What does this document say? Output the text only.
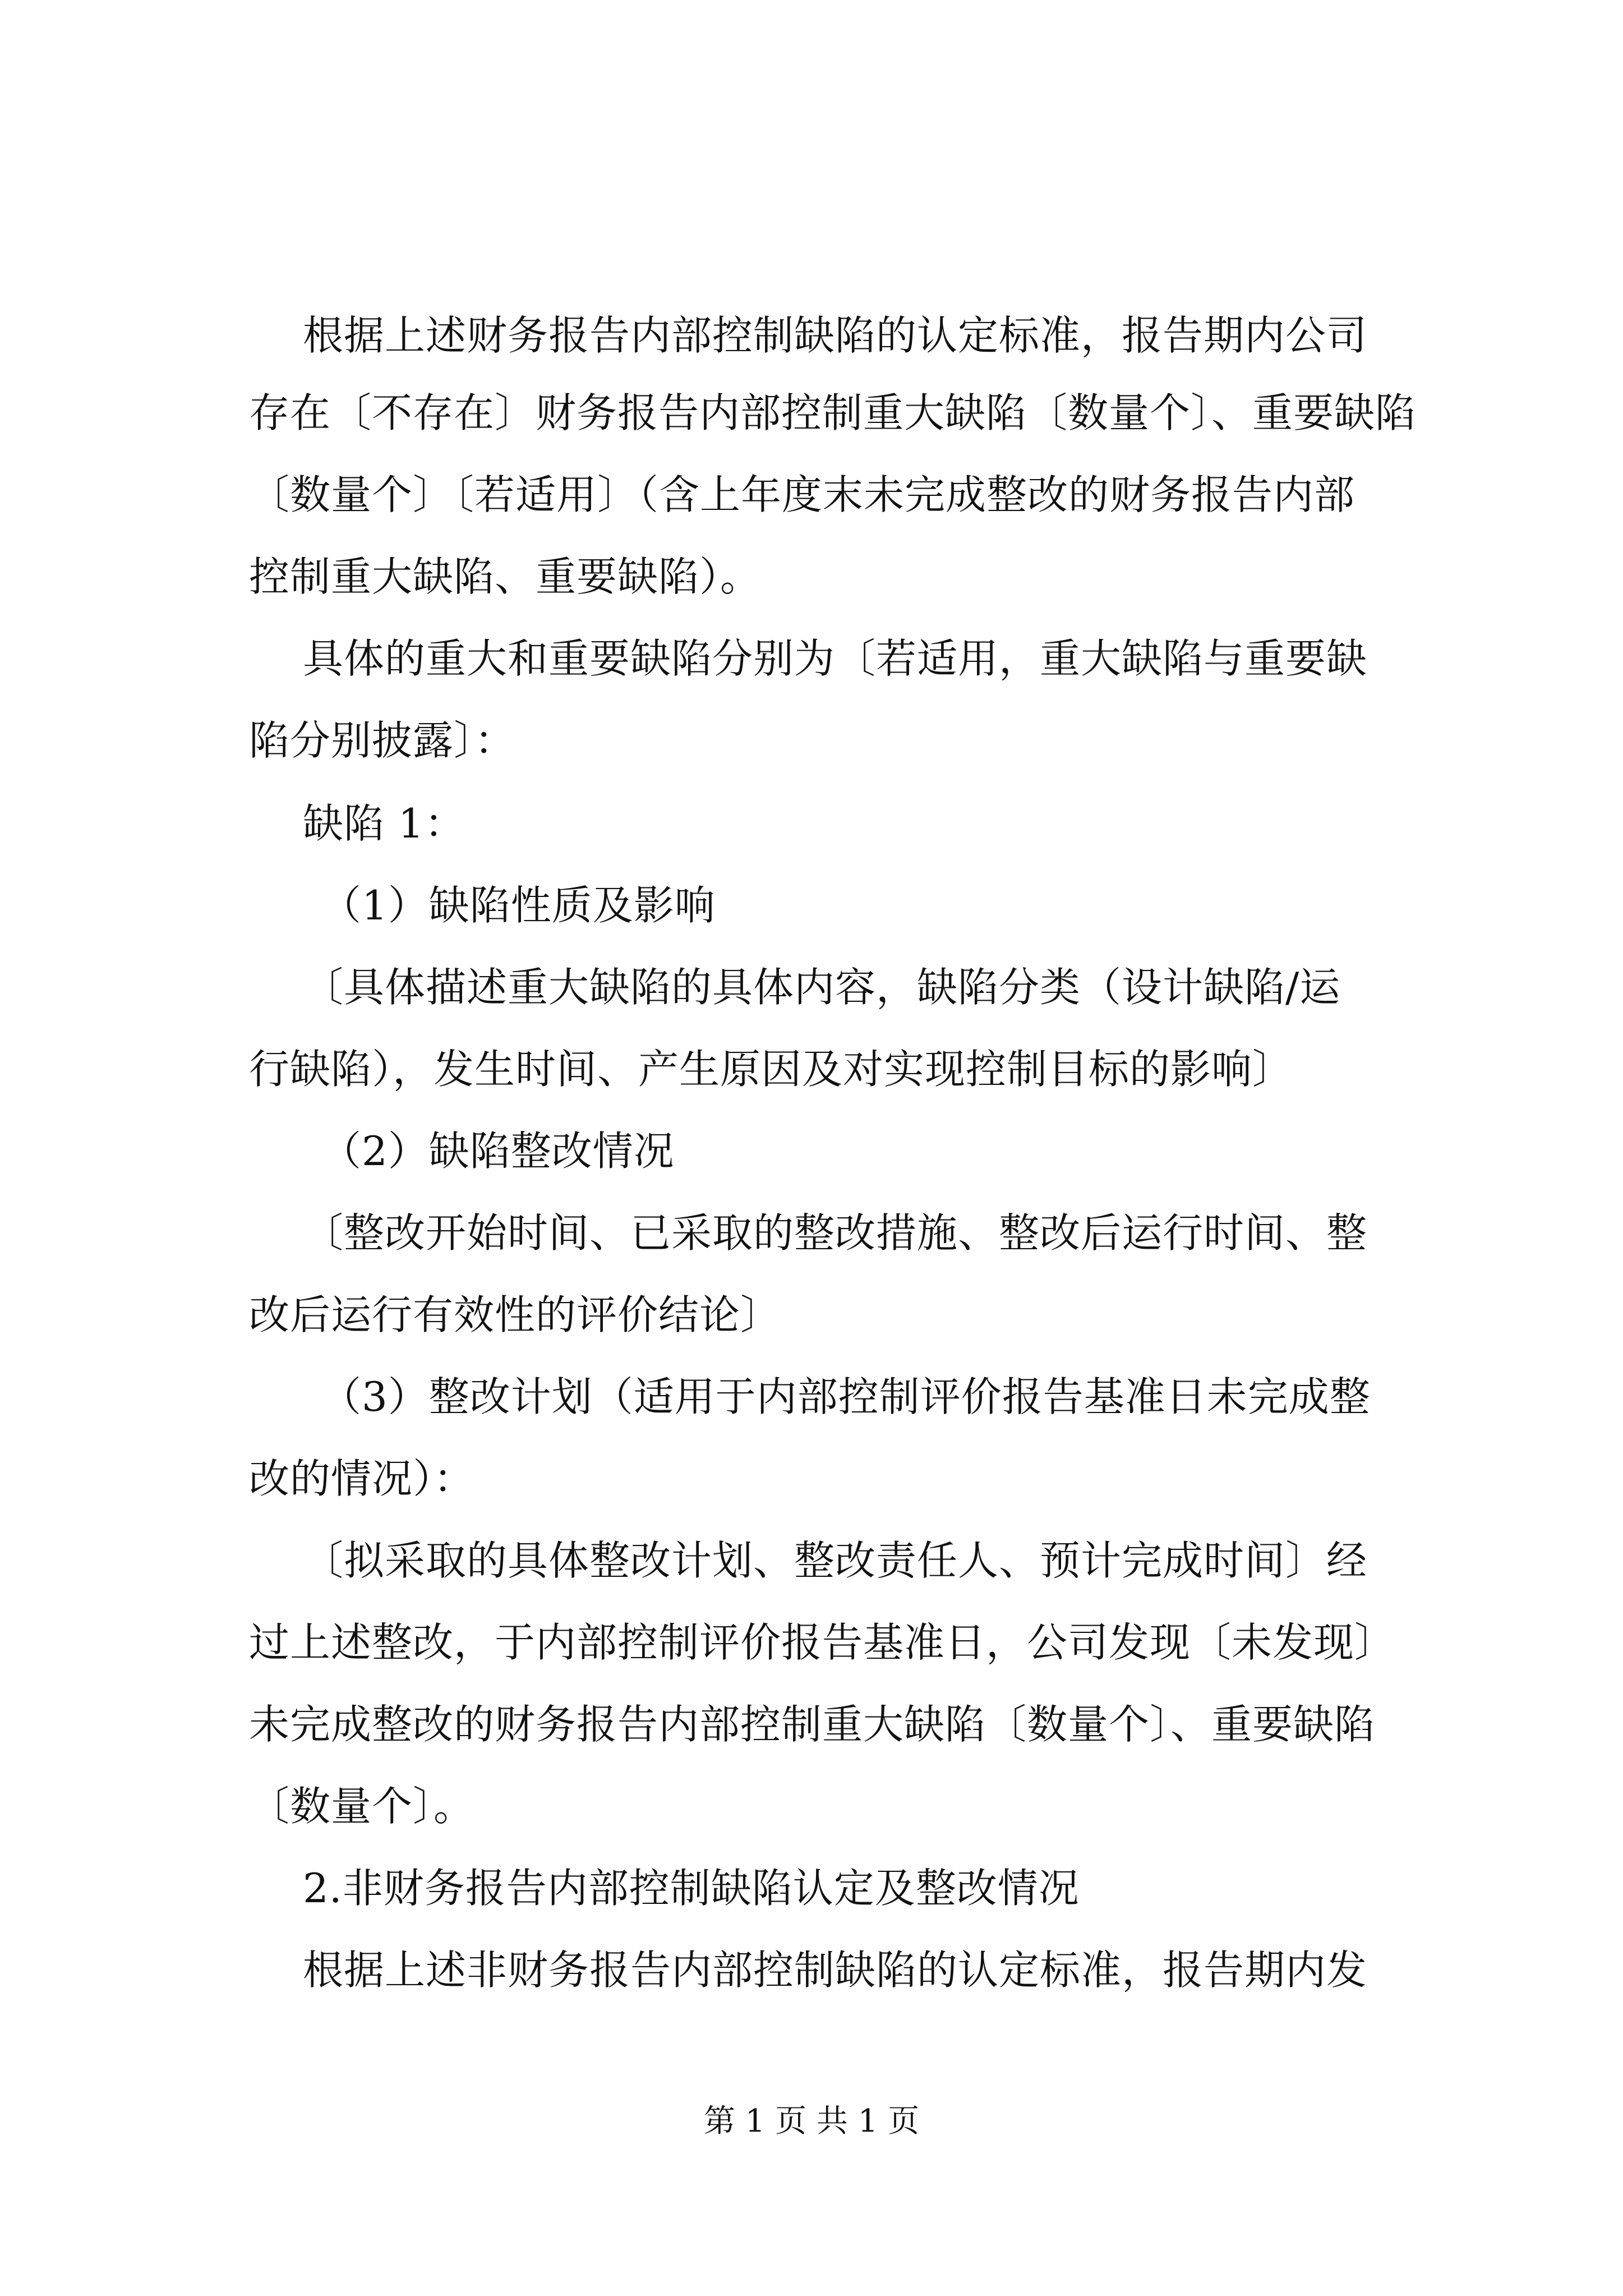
根据上述财务报告内部控制缺陷的认定标准，报告期内公司

存在〔不存在〕财务报告内部控制重大缺陷〔数量个〕、重要缺陷

〔数量个〕〔若适用〕（含上年度末未完成整改的财务报告内部

控制重大缺陷、重要缺陷）。

具体的重大和重要缺陷分别为〔若适用，重大缺陷与重要缺

陷分别披露〕：

缺陷 1：

（1）缺陷性质及影响

〔具体描述重大缺陷的具体内容，缺陷分类（设计缺陷/运

行缺陷），发生时间、产生原因及对实现控制目标的影响〕

（2）缺陷整改情况

〔整改开始时间、已采取的整改措施、整改后运行时间、整

改后运行有效性的评价结论〕

（3）整改计划（适用于内部控制评价报告基准日未完成整

改的情况）：

〔拟采取的具体整改计划、整改责任人、预计完成时间〕经

过上述整改，于内部控制评价报告基准日，公司发现〔未发现〕

未完成整改的财务报告内部控制重大缺陷〔数量个〕、重要缺陷

〔数量个〕。

2.非财务报告内部控制缺陷认定及整改情况

根据上述非财务报告内部控制缺陷的认定标准，报告期内发

第 1 页 共 1 页
